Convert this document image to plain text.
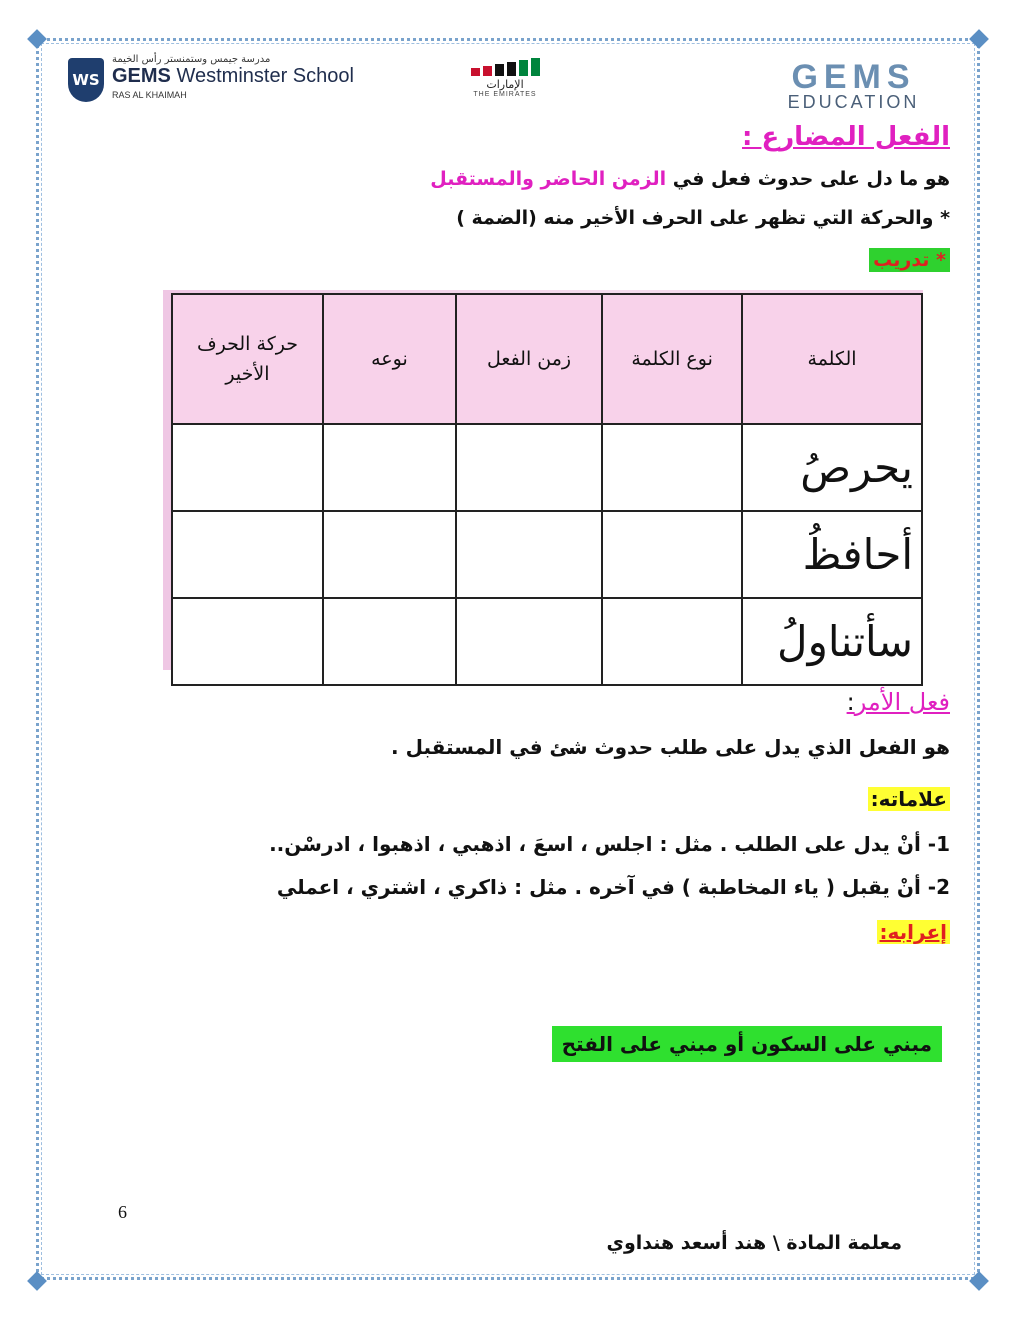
WS
مدرسة جيمس وستمنستر رأس الخيمة
GEMS Westminster School
RAS AL KHAIMAH
الإمارات
THE EMIRATES	GEMS
EDUCATION
الفعل المضارع :
هو ما دل على حدوث فعل في الزمن الحاضر والمستقبل
* والحركة التي تظهر على الحرف الأخير منه (الضمة )
* تدريب
الكلمة	نوع الكلمة	زمن الفعل	نوعه	حركة الحرف الأخير
يحرصُ				
أحافظُ				
سأتناولُ				
فعل الأمر:
هو الفعل الذي يدل على طلب حدوث شئ في المستقبل .
علاماته:
1- أنْ يدل على الطلب . مثل : اجلس ، اسعَ ، اذهبي ، اذهبوا ، ادرسْن..
2- أنْ يقبل ( ياء المخاطبة ) في آخره . مثل : ذاكري ، اشتري ، اعملي
إعرابه:
مبني على السكون أو مبني على الفتح
6
معلمة المادة \ هند أسعد هنداوي
